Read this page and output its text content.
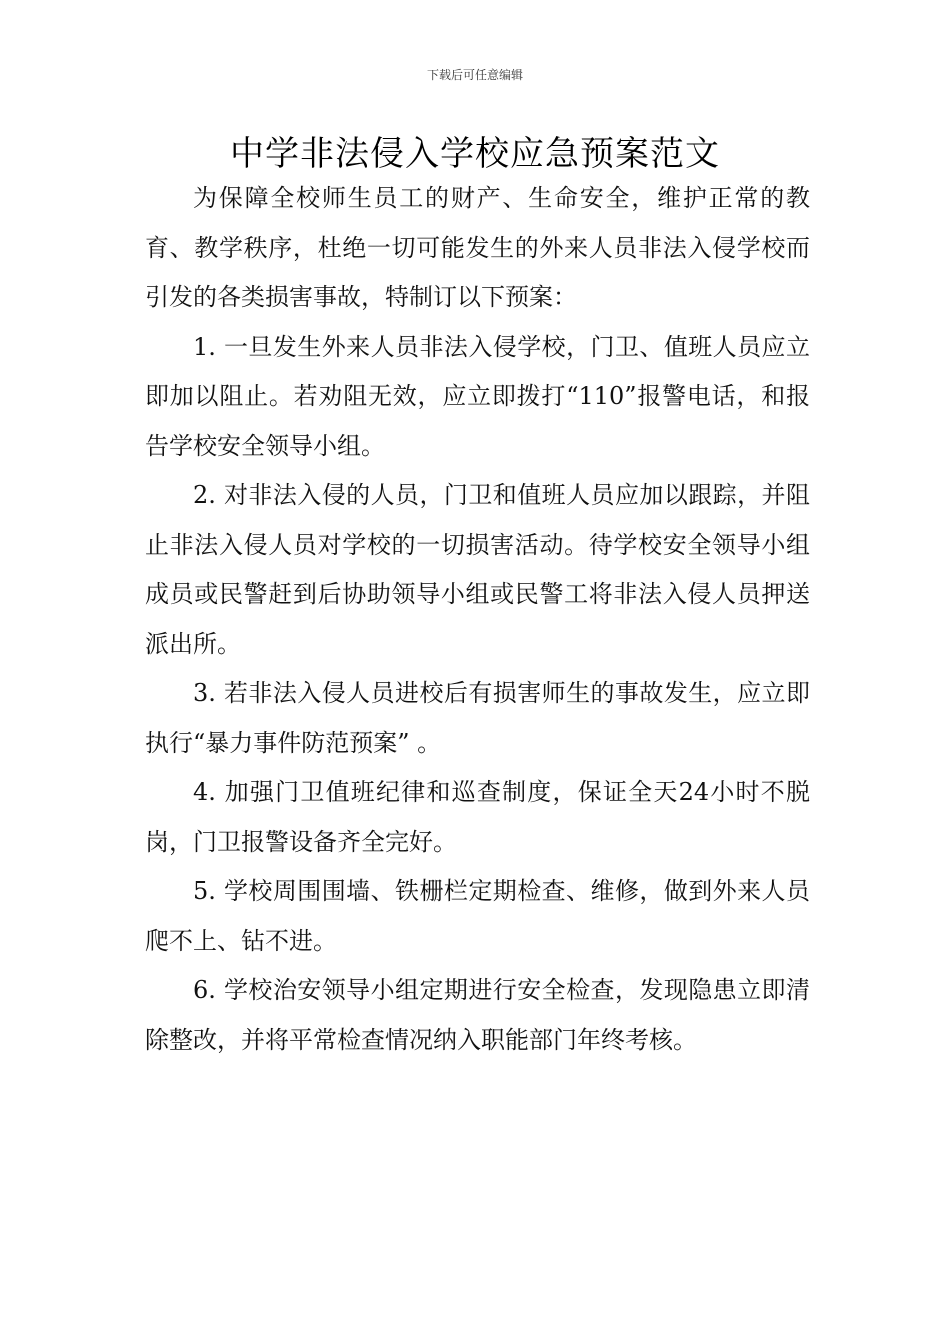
下载后可任意编辑
中学非法侵入学校应急预案范文

为保障全校师生员工的财产、生命安全，维护正常的教育、教学秩序，杜绝一切可能发生的外来人员非法入侵学校而引发的各类损害事故，特制订以下预案：

1. 一旦发生外来人员非法入侵学校，门卫、值班人员应立即加以阻止。若劝阻无效，应立即拨打“110”报警电话，和报告学校安全领导小组。

2. 对非法入侵的人员，门卫和值班人员应加以跟踪，并阻止非法入侵人员对学校的一切损害活动。待学校安全领导小组成员或民警赶到后协助领导小组或民警工将非法入侵人员押送派出所。

3. 若非法入侵人员进校后有损害师生的事故发生，应立即执行“暴力事件防范预案” 。

4. 加强门卫值班纪律和巡查制度，保证全天24小时不脱岗，门卫报警设备齐全完好。

5. 学校周围围墙、铁栅栏定期检查、维修，做到外来人员爬不上、钻不进。

6. 学校治安领导小组定期进行安全检查，发现隐患立即清除整改，并将平常检查情况纳入职能部门年终考核。
